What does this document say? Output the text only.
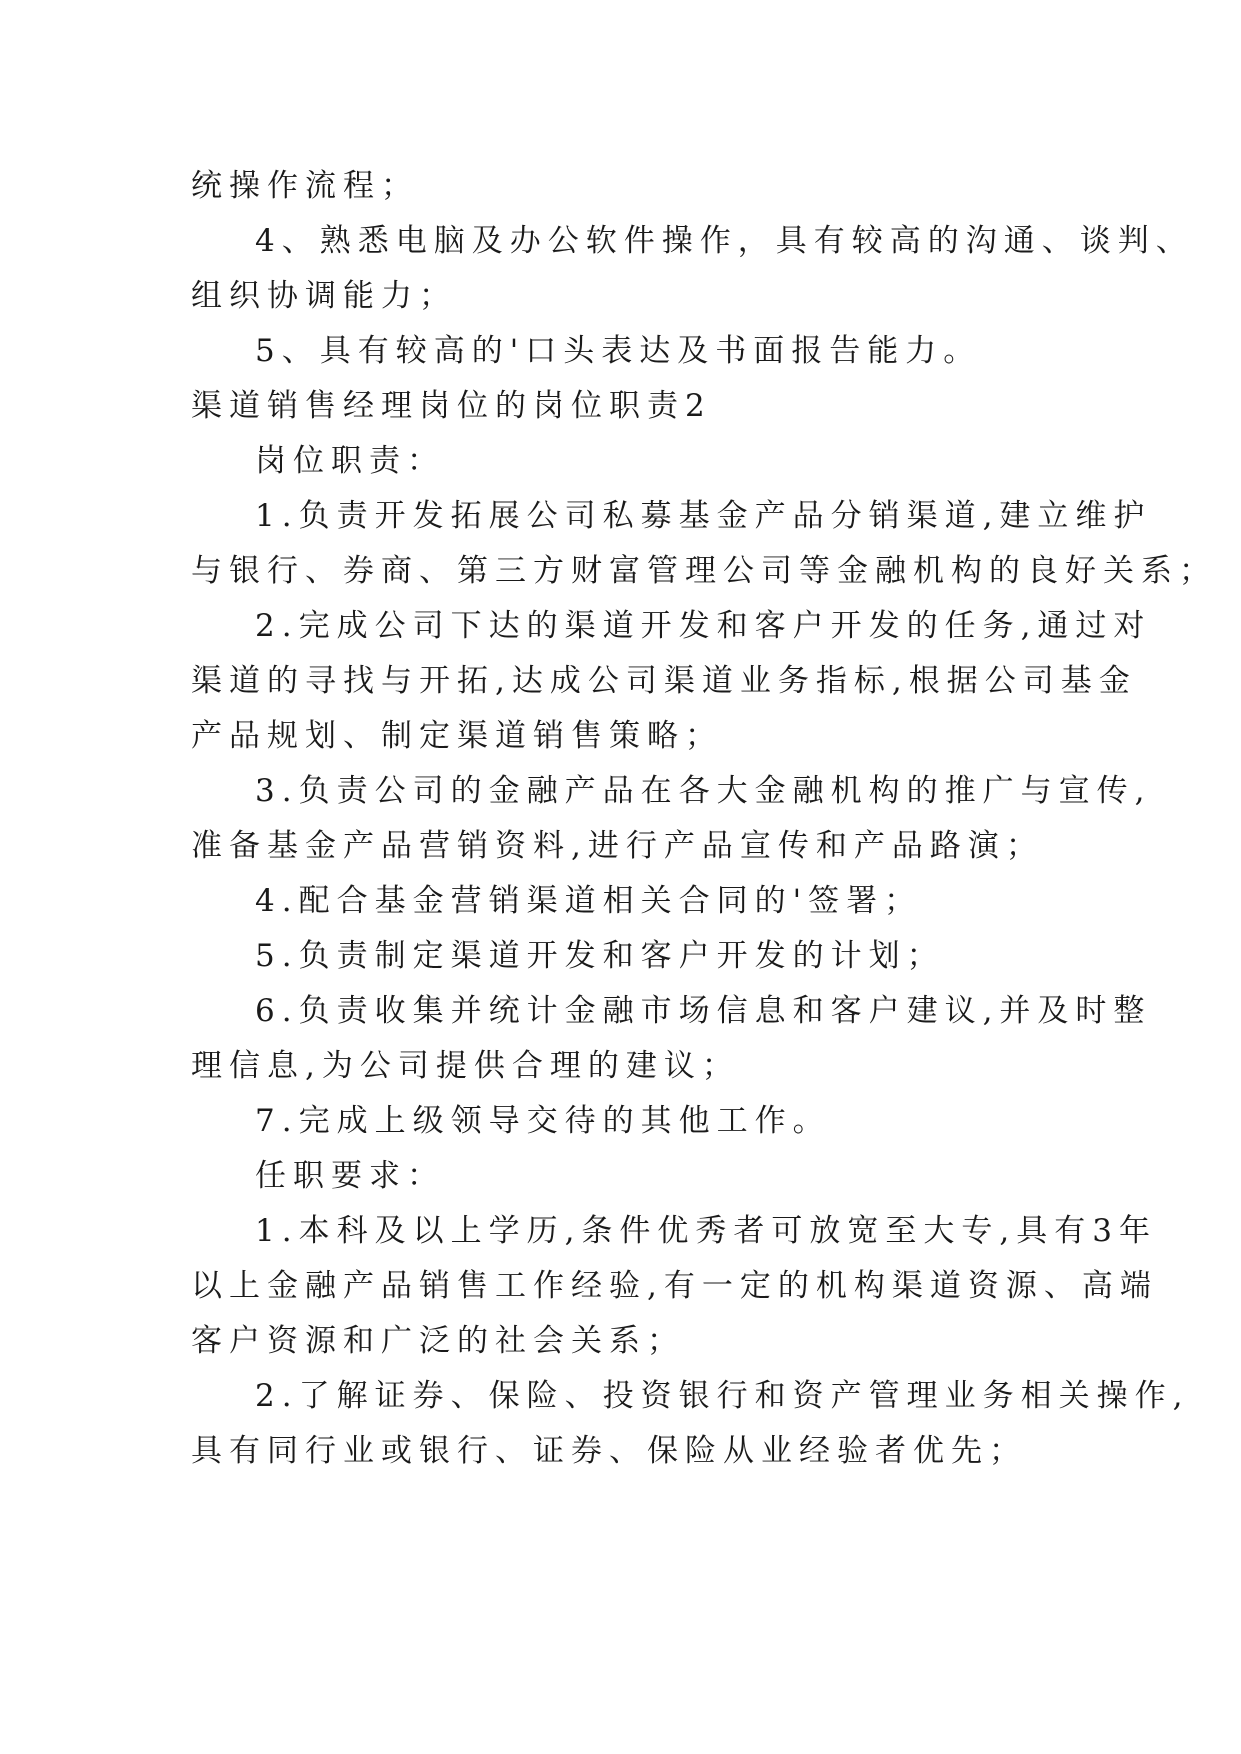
统操作流程；
4、熟悉电脑及办公软件操作，具有较高的沟通、谈判、
组织协调能力；
5、具有较高的'口头表达及书面报告能力。
渠道销售经理岗位的岗位职责2
岗位职责：
1.负责开发拓展公司私募基金产品分销渠道,建立维护
与银行、券商、第三方财富管理公司等金融机构的良好关系；
2.完成公司下达的渠道开发和客户开发的任务,通过对
渠道的寻找与开拓,达成公司渠道业务指标,根据公司基金
产品规划、制定渠道销售策略；
3.负责公司的金融产品在各大金融机构的推广与宣传,
准备基金产品营销资料,进行产品宣传和产品路演；
4.配合基金营销渠道相关合同的'签署；
5.负责制定渠道开发和客户开发的计划；
6.负责收集并统计金融市场信息和客户建议,并及时整
理信息,为公司提供合理的建议；
7.完成上级领导交待的其他工作。
任职要求：
1.本科及以上学历,条件优秀者可放宽至大专,具有3年
以上金融产品销售工作经验,有一定的机构渠道资源、高端
客户资源和广泛的社会关系；
2.了解证券、保险、投资银行和资产管理业务相关操作,
具有同行业或银行、证券、保险从业经验者优先；
